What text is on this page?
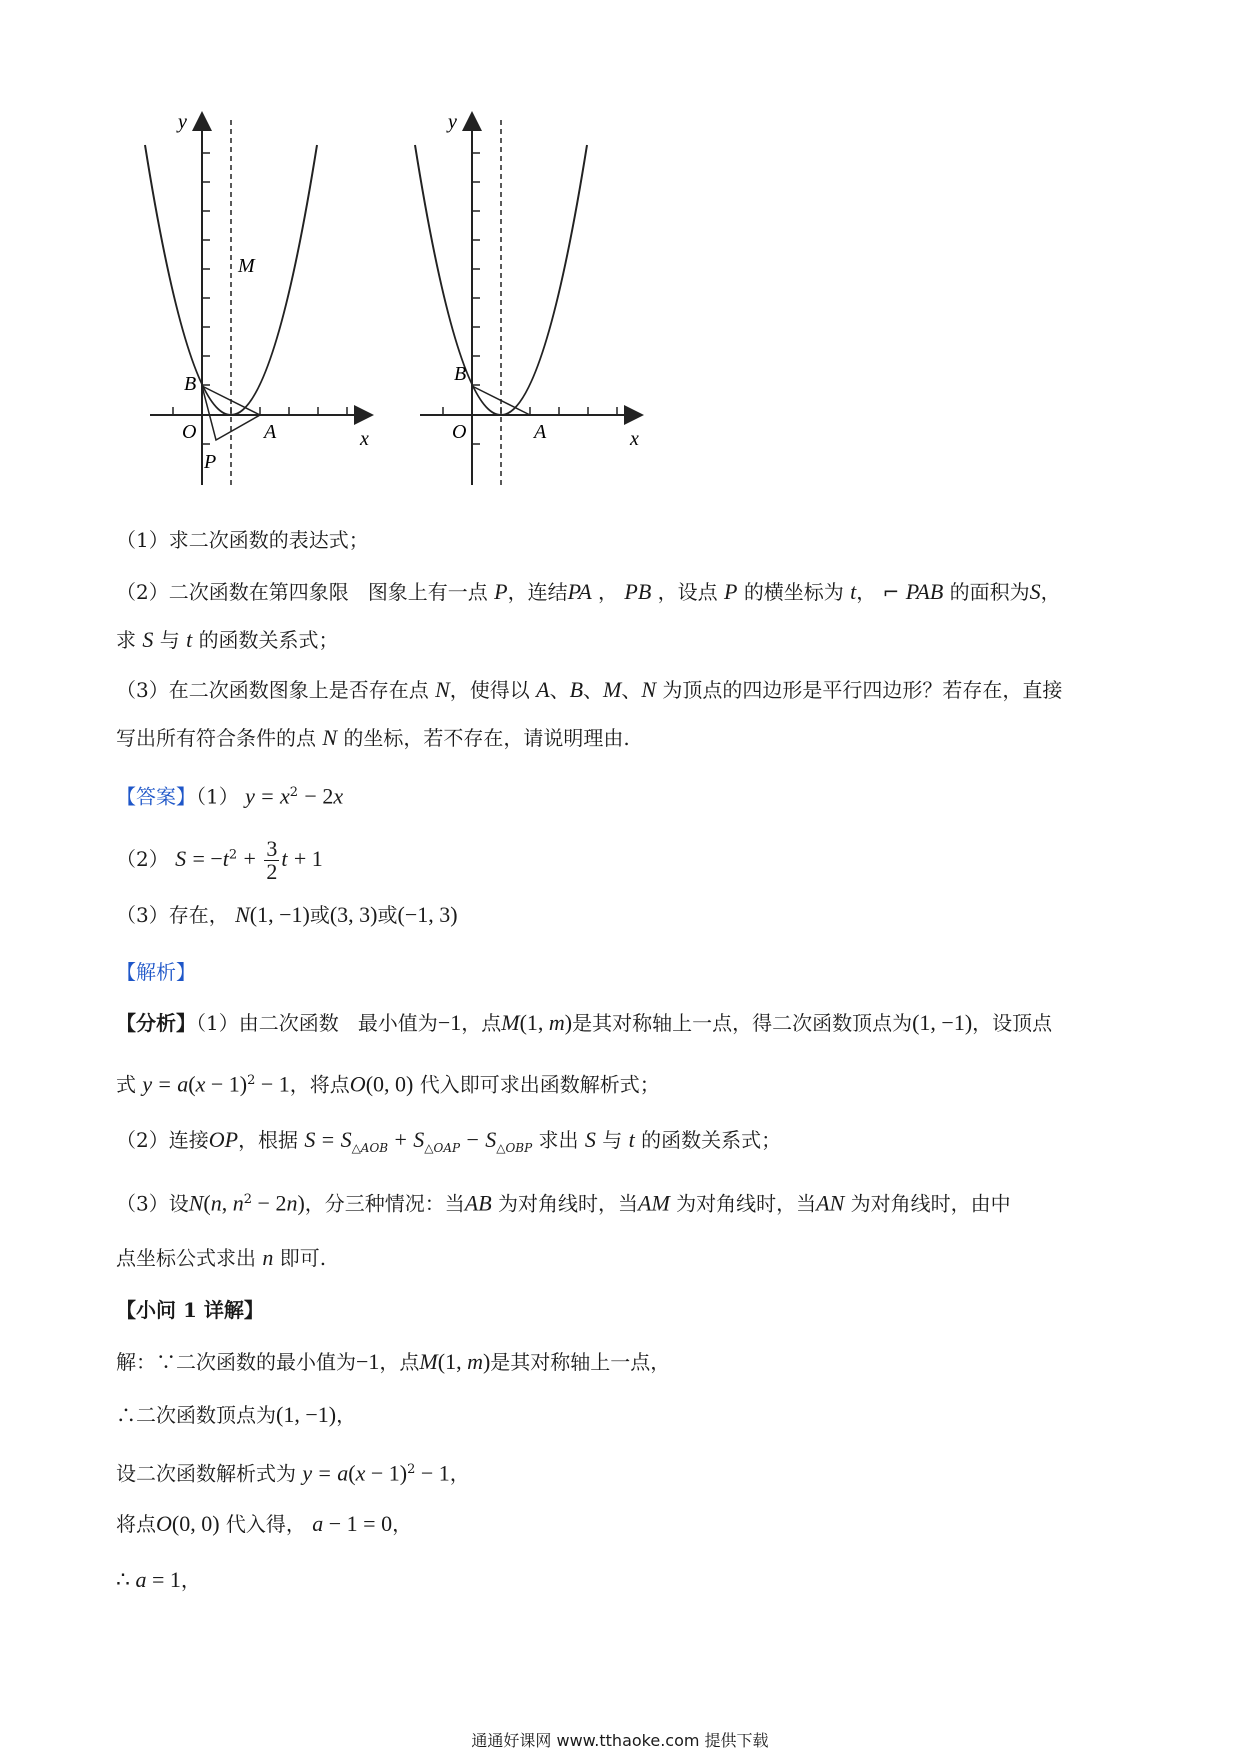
y
x
O	A
B
M
P
y
x
O	A
B
（1）求二次函数的表达式；
（2）二次函数在第四象限 图象上有一点 P，连结PA ， PB ，设点 P 的横坐标为 t， ⌐ PAB 的面积为S，
求 S 与 t 的函数关系式；
（3）在二次函数图象上是否存在点 N，使得以 A、B、M、N 为顶点的四边形是平行四边形？若存在，直接
写出所有符合条件的点 N 的坐标，若不存在，请说明理由.
【答案】（1） $y = x^2 - 2x$
（2） $S = -t^2 + \frac{3}{2}$ t + 1
（3）存在， N(1, −1)或(3, 3)或(−1, 3)
【解析】
【分析】（1）由二次函数 最小值为−1，点M(1, m)是其对称轴上一点，得二次函数顶点为(1, −1)，设顶点
式 $y = a(x - 1)^2 - 1$，将点O(0, 0) 代入即可求出函数解析式；
（2）连接OP，根据 $S = S_{\triangle AOB} + S_{\triangle OAP} - S_{\triangle OBP}$ 求出 S 与 t 的函数关系式；
（3）设N(n, $n^2 - 2n$)，分三种情况：当AB 为对角线时，当AM 为对角线时，当AN 为对角线时，由中
点坐标公式求出 n 即可.
【小问 1 详解】
解：∵二次函数的最小值为−1，点M(1, m)是其对称轴上一点，
∴二次函数顶点为(1, −1)，
设二次函数解析式为 $y = a(x - 1)^2 - 1$，
将点O(0, 0) 代入得， a − 1 = 0，
∴ a = 1，
通通好课网 www.tthaoke.com 提供下载
